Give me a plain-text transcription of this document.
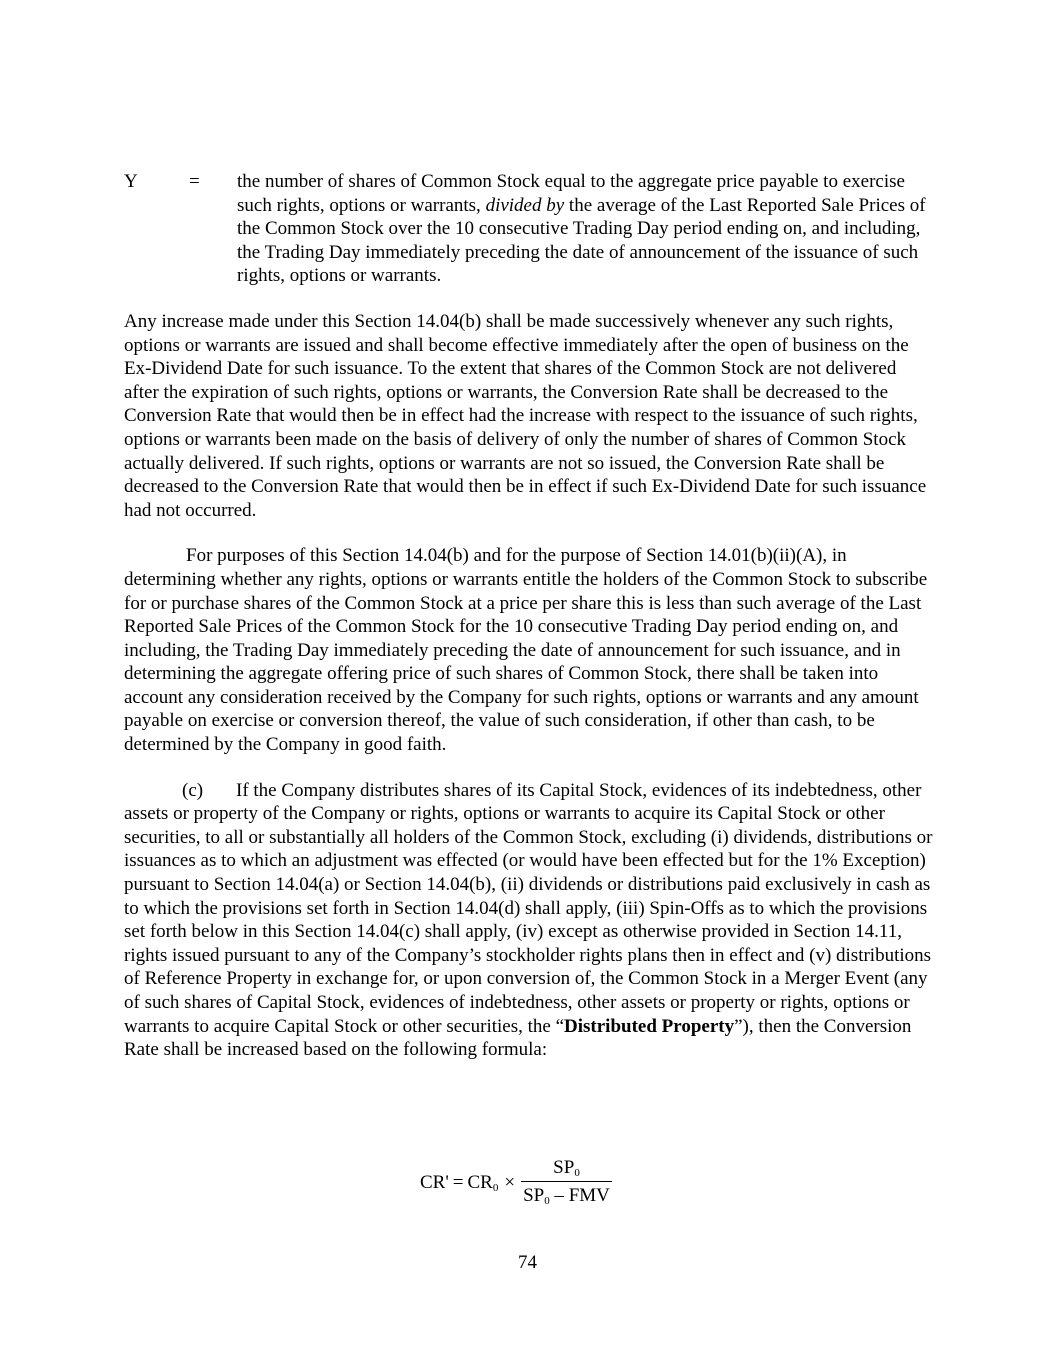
Y	=	the number of shares of Common Stock equal to the aggregate price payable to exercise such rights, options or warrants, divided by the average of the Last Reported Sale Prices of the Common Stock over the 10 consecutive Trading Day period ending on, and including, the Trading Day immediately preceding the date of announcement of the issuance of such rights, options or warrants.

Any increase made under this Section 14.04(b) shall be made successively whenever any such rights, options or warrants are issued and shall become effective immediately after the open of business on the Ex-Dividend Date for such issuance. To the extent that shares of the Common Stock are not delivered after the expiration of such rights, options or warrants, the Conversion Rate shall be decreased to the Conversion Rate that would then be in effect had the increase with respect to the issuance of such rights, options or warrants been made on the basis of delivery of only the number of shares of Common Stock actually delivered. If such rights, options or warrants are not so issued, the Conversion Rate shall be decreased to the Conversion Rate that would then be in effect if such Ex-Dividend Date for such issuance had not occurred.

For purposes of this Section 14.04(b) and for the purpose of Section 14.01(b)(ii)(A), in determining whether any rights, options or warrants entitle the holders of the Common Stock to subscribe for or purchase shares of the Common Stock at a price per share this is less than such average of the Last Reported Sale Prices of the Common Stock for the 10 consecutive Trading Day period ending on, and including, the Trading Day immediately preceding the date of announcement for such issuance, and in determining the aggregate offering price of such shares of Common Stock, there shall be taken into account any consideration received by the Company for such rights, options or warrants and any amount payable on exercise or conversion thereof, the value of such consideration, if other than cash, to be determined by the Company in good faith.

(c) If the Company distributes shares of its Capital Stock, evidences of its indebtedness, other assets or property of the Company or rights, options or warrants to acquire its Capital Stock or other securities, to all or substantially all holders of the Common Stock, excluding (i) dividends, distributions or issuances as to which an adjustment was effected (or would have been effected but for the 1% Exception) pursuant to Section 14.04(a) or Section 14.04(b), (ii) dividends or distributions paid exclusively in cash as to which the provisions set forth in Section 14.04(d) shall apply, (iii) Spin-Offs as to which the provisions set forth below in this Section 14.04(c) shall apply, (iv) except as otherwise provided in Section 14.11, rights issued pursuant to any of the Company’s stockholder rights plans then in effect and (v) distributions of Reference Property in exchange for, or upon conversion of, the Common Stock in a Merger Event (any of such shares of Capital Stock, evidences of indebtedness, other assets or property or rights, options or warrants to acquire Capital Stock or other securities, the “Distributed Property”), then the Conversion Rate shall be increased based on the following formula:

$CR' = CR_0 \times \frac{SP_0}{SP_0 - FMV}$
74
